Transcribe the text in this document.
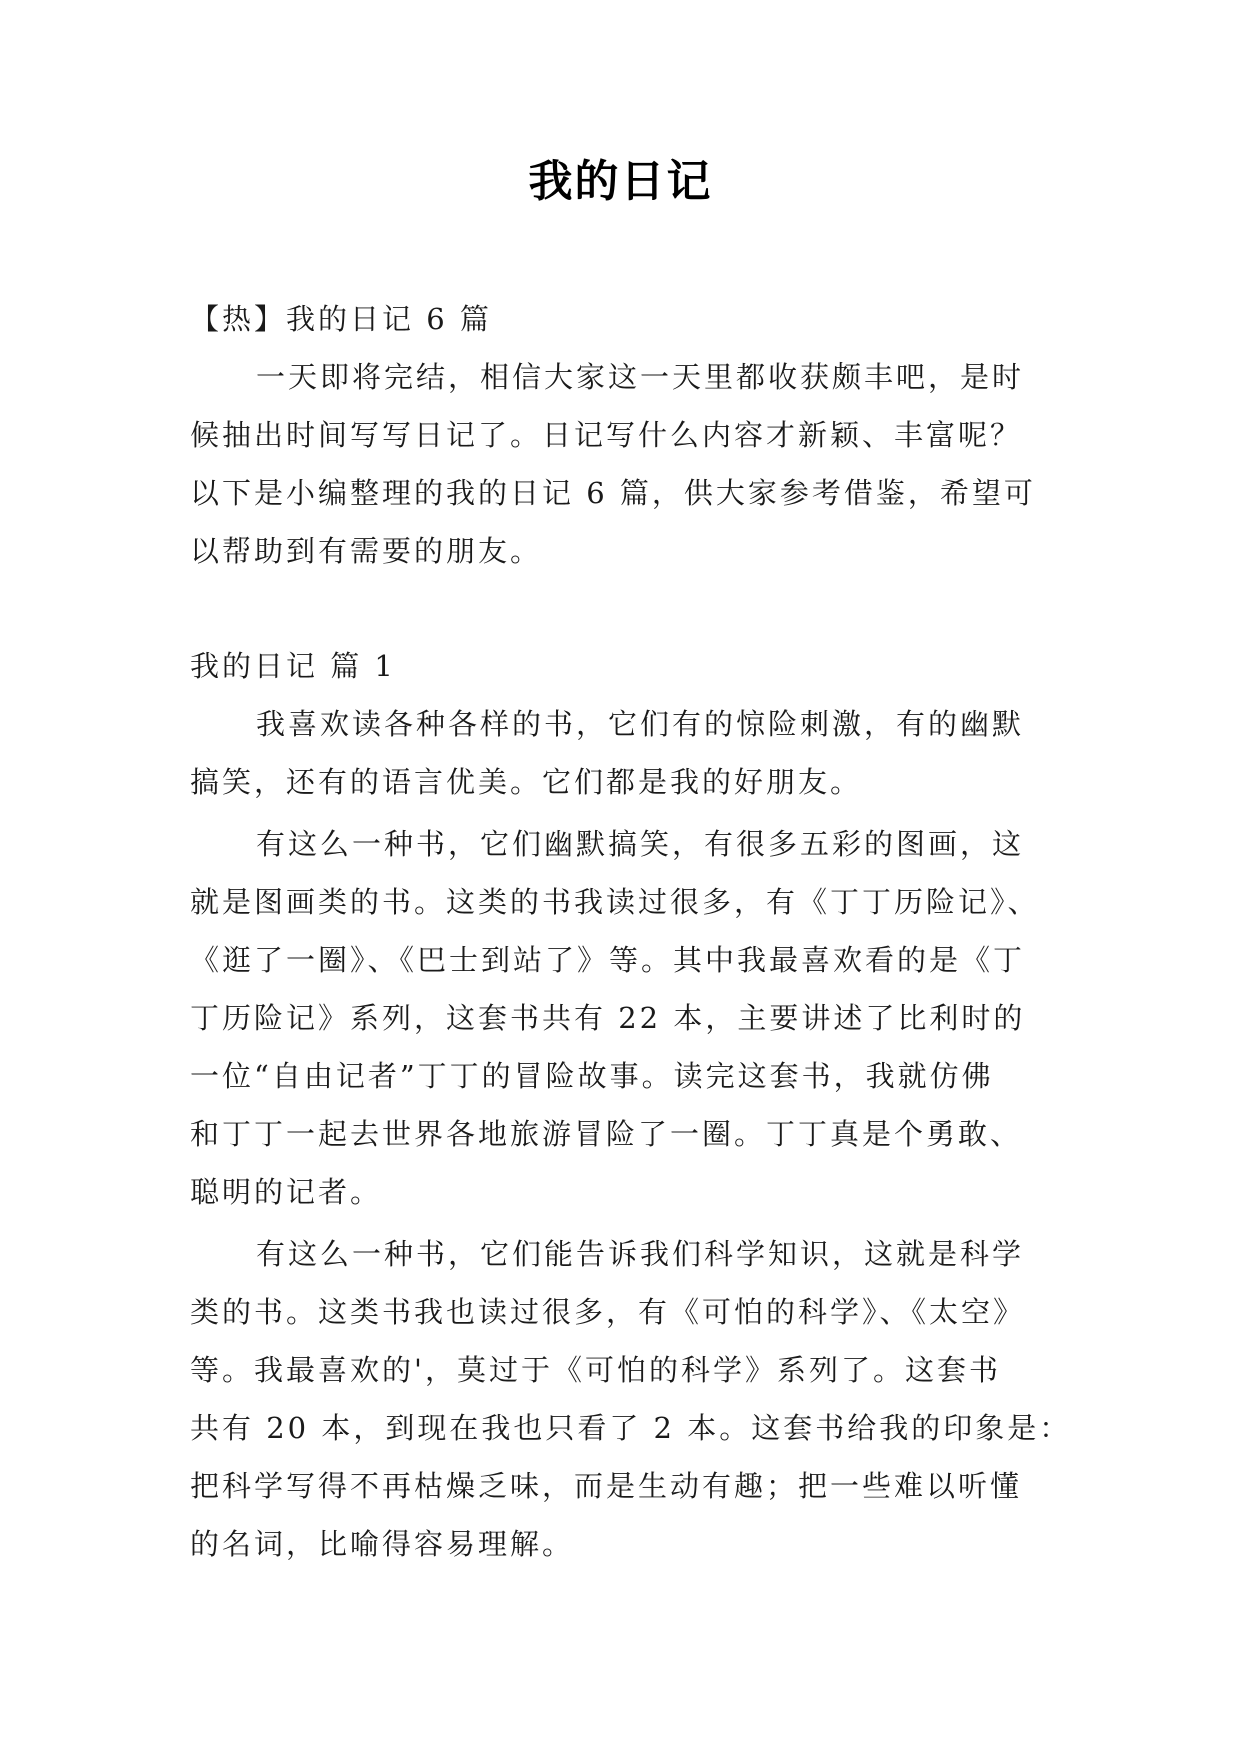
我的日记
【热】我的日记 6 篇
一天即将完结，相信大家这一天里都收获颇丰吧，是时
候抽出时间写写日记了。日记写什么内容才新颖、丰富呢？
以下是小编整理的我的日记 6 篇，供大家参考借鉴，希望可
以帮助到有需要的朋友。
我的日记 篇 1
我喜欢读各种各样的书，它们有的惊险刺激，有的幽默
搞笑，还有的语言优美。它们都是我的好朋友。
有这么一种书，它们幽默搞笑，有很多五彩的图画，这
就是图画类的书。这类的书我读过很多，有《丁丁历险记》、
《逛了一圈》、《巴士到站了》等。其中我最喜欢看的是《丁
丁历险记》系列，这套书共有 22 本，主要讲述了比利时的
一位“自由记者”丁丁的冒险故事。读完这套书，我就仿佛
和丁丁一起去世界各地旅游冒险了一圈。丁丁真是个勇敢、
聪明的记者。
有这么一种书，它们能告诉我们科学知识，这就是科学
类的书。这类书我也读过很多，有《可怕的科学》、《太空》
等。我最喜欢的'，莫过于《可怕的科学》系列了。这套书
共有 20 本，到现在我也只看了 2 本。这套书给我的印象是：
把科学写得不再枯燥乏味，而是生动有趣；把一些难以听懂
的名词，比喻得容易理解。
